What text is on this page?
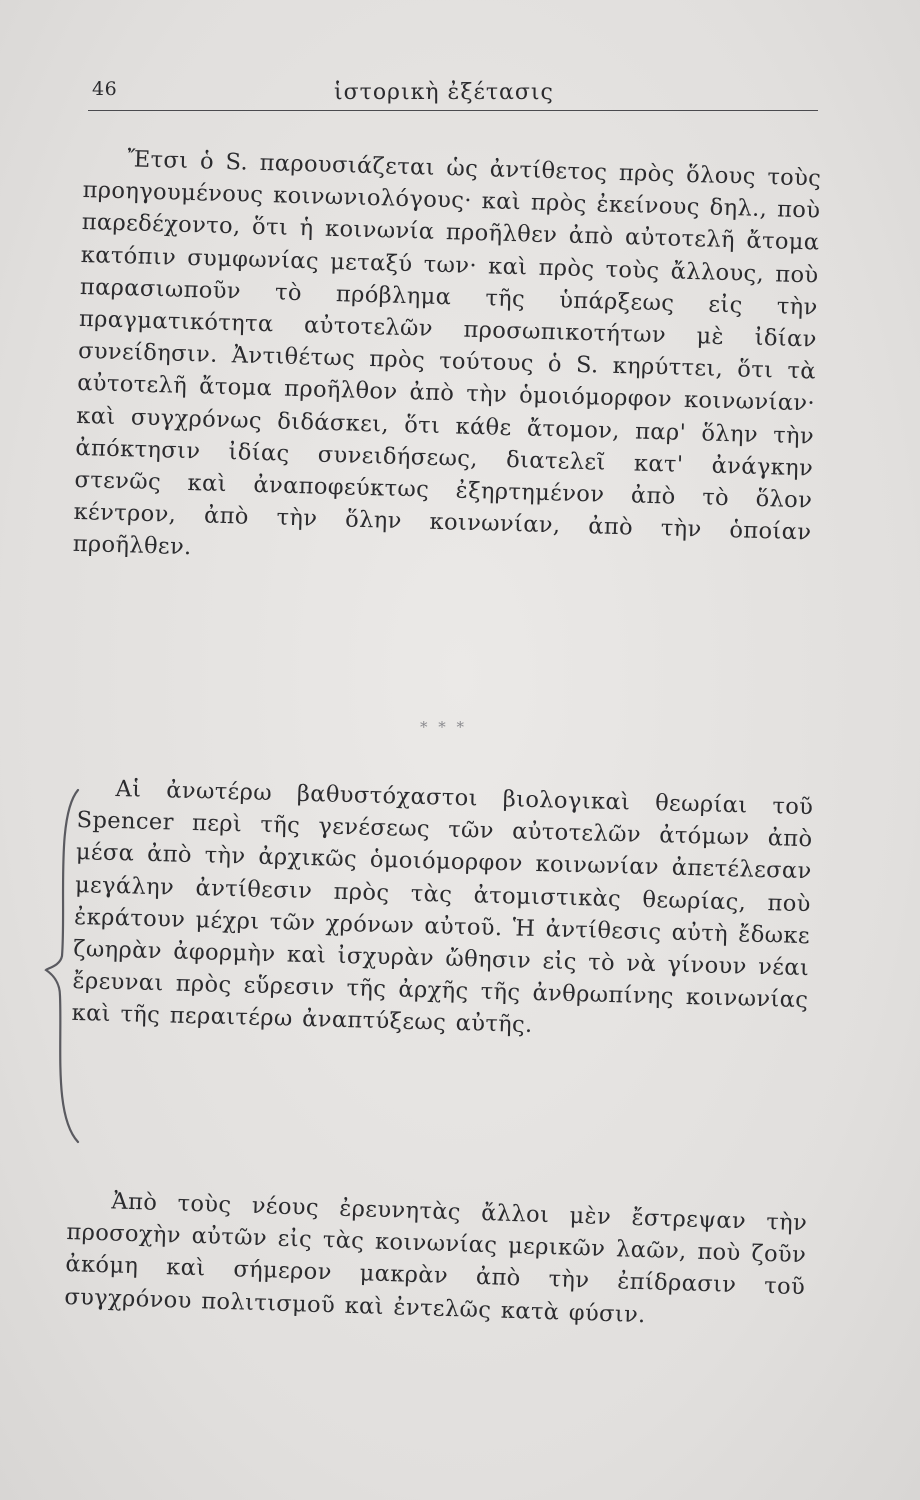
46	ἱστορικὴ ἐξέτασις
Ἔτσι ὁ S. παρουσιάζεται ὡς ἀντίθετος πρὸς ὅλους τοὺς προηγουμένους κοινωνιολόγους· καὶ πρὸς ἐκείνους δηλ., ποὺ παρεδέχοντο, ὅτι ἡ κοινωνία προῆλθεν ἀπὸ αὐτοτελῆ ἄτομα κατόπιν συμφωνίας μεταξύ των· καὶ πρὸς τοὺς ἄλλους, ποὺ παρασιωποῦν τὸ πρόβλημα τῆς ὑπάρξεως εἰς τὴν πραγματικότητα αὐτοτελῶν προσωπικοτήτων μὲ ἰδίαν συνείδησιν. Ἀντιθέτως πρὸς τούτους ὁ S. κηρύττει, ὅτι τὰ αὐτοτελῆ ἄτομα προῆλθον ἀπὸ τὴν ὁμοιόμορφον κοινωνίαν· καὶ συγχρόνως διδάσκει, ὅτι κάθε ἄτομον, παρ' ὅλην τὴν ἀπόκτησιν ἰδίας συνειδήσεως, διατελεῖ κατ' ἀνάγκην στενῶς καὶ ἀναποφεύκτως ἐξηρτημένον ἀπὸ τὸ ὅλον κέντρον, ἀπὸ τὴν ὅλην κοινωνίαν, ἀπὸ τὴν ὁποίαν προῆλθεν.
* * *
Αἱ ἀνωτέρω βαθυστόχαστοι βιολογικαὶ θεωρίαι τοῦ Spencer περὶ τῆς γενέσεως τῶν αὐτοτελῶν ἀτόμων ἀπὸ μέσα ἀπὸ τὴν ἀρχικῶς ὁμοιόμορφον κοινωνίαν ἀπετέλεσαν μεγάλην ἀντίθεσιν πρὸς τὰς ἀτομιστικὰς θεωρίας, ποὺ ἐκράτουν μέχρι τῶν χρόνων αὐτοῦ. Ἡ ἀντίθεσις αὐτὴ ἔδωκε ζωηρὰν ἀφορμὴν καὶ ἰσχυρὰν ὤθησιν εἰς τὸ νὰ γίνουν νέαι ἔρευναι πρὸς εὕρεσιν τῆς ἀρχῆς τῆς ἀνθρωπίνης κοινωνίας καὶ τῆς περαιτέρω ἀναπτύξεως αὐτῆς.
Ἀπὸ τοὺς νέους ἐρευνητὰς ἄλλοι μὲν ἔστρεψαν τὴν προσοχὴν αὐτῶν εἰς τὰς κοινωνίας μερικῶν λαῶν, ποὺ ζοῦν ἀκόμη καὶ σήμερον μακρὰν ἀπὸ τὴν ἐπίδρασιν τοῦ συγχρόνου πολιτισμοῦ καὶ ἐντελῶς κατὰ φύσιν.
